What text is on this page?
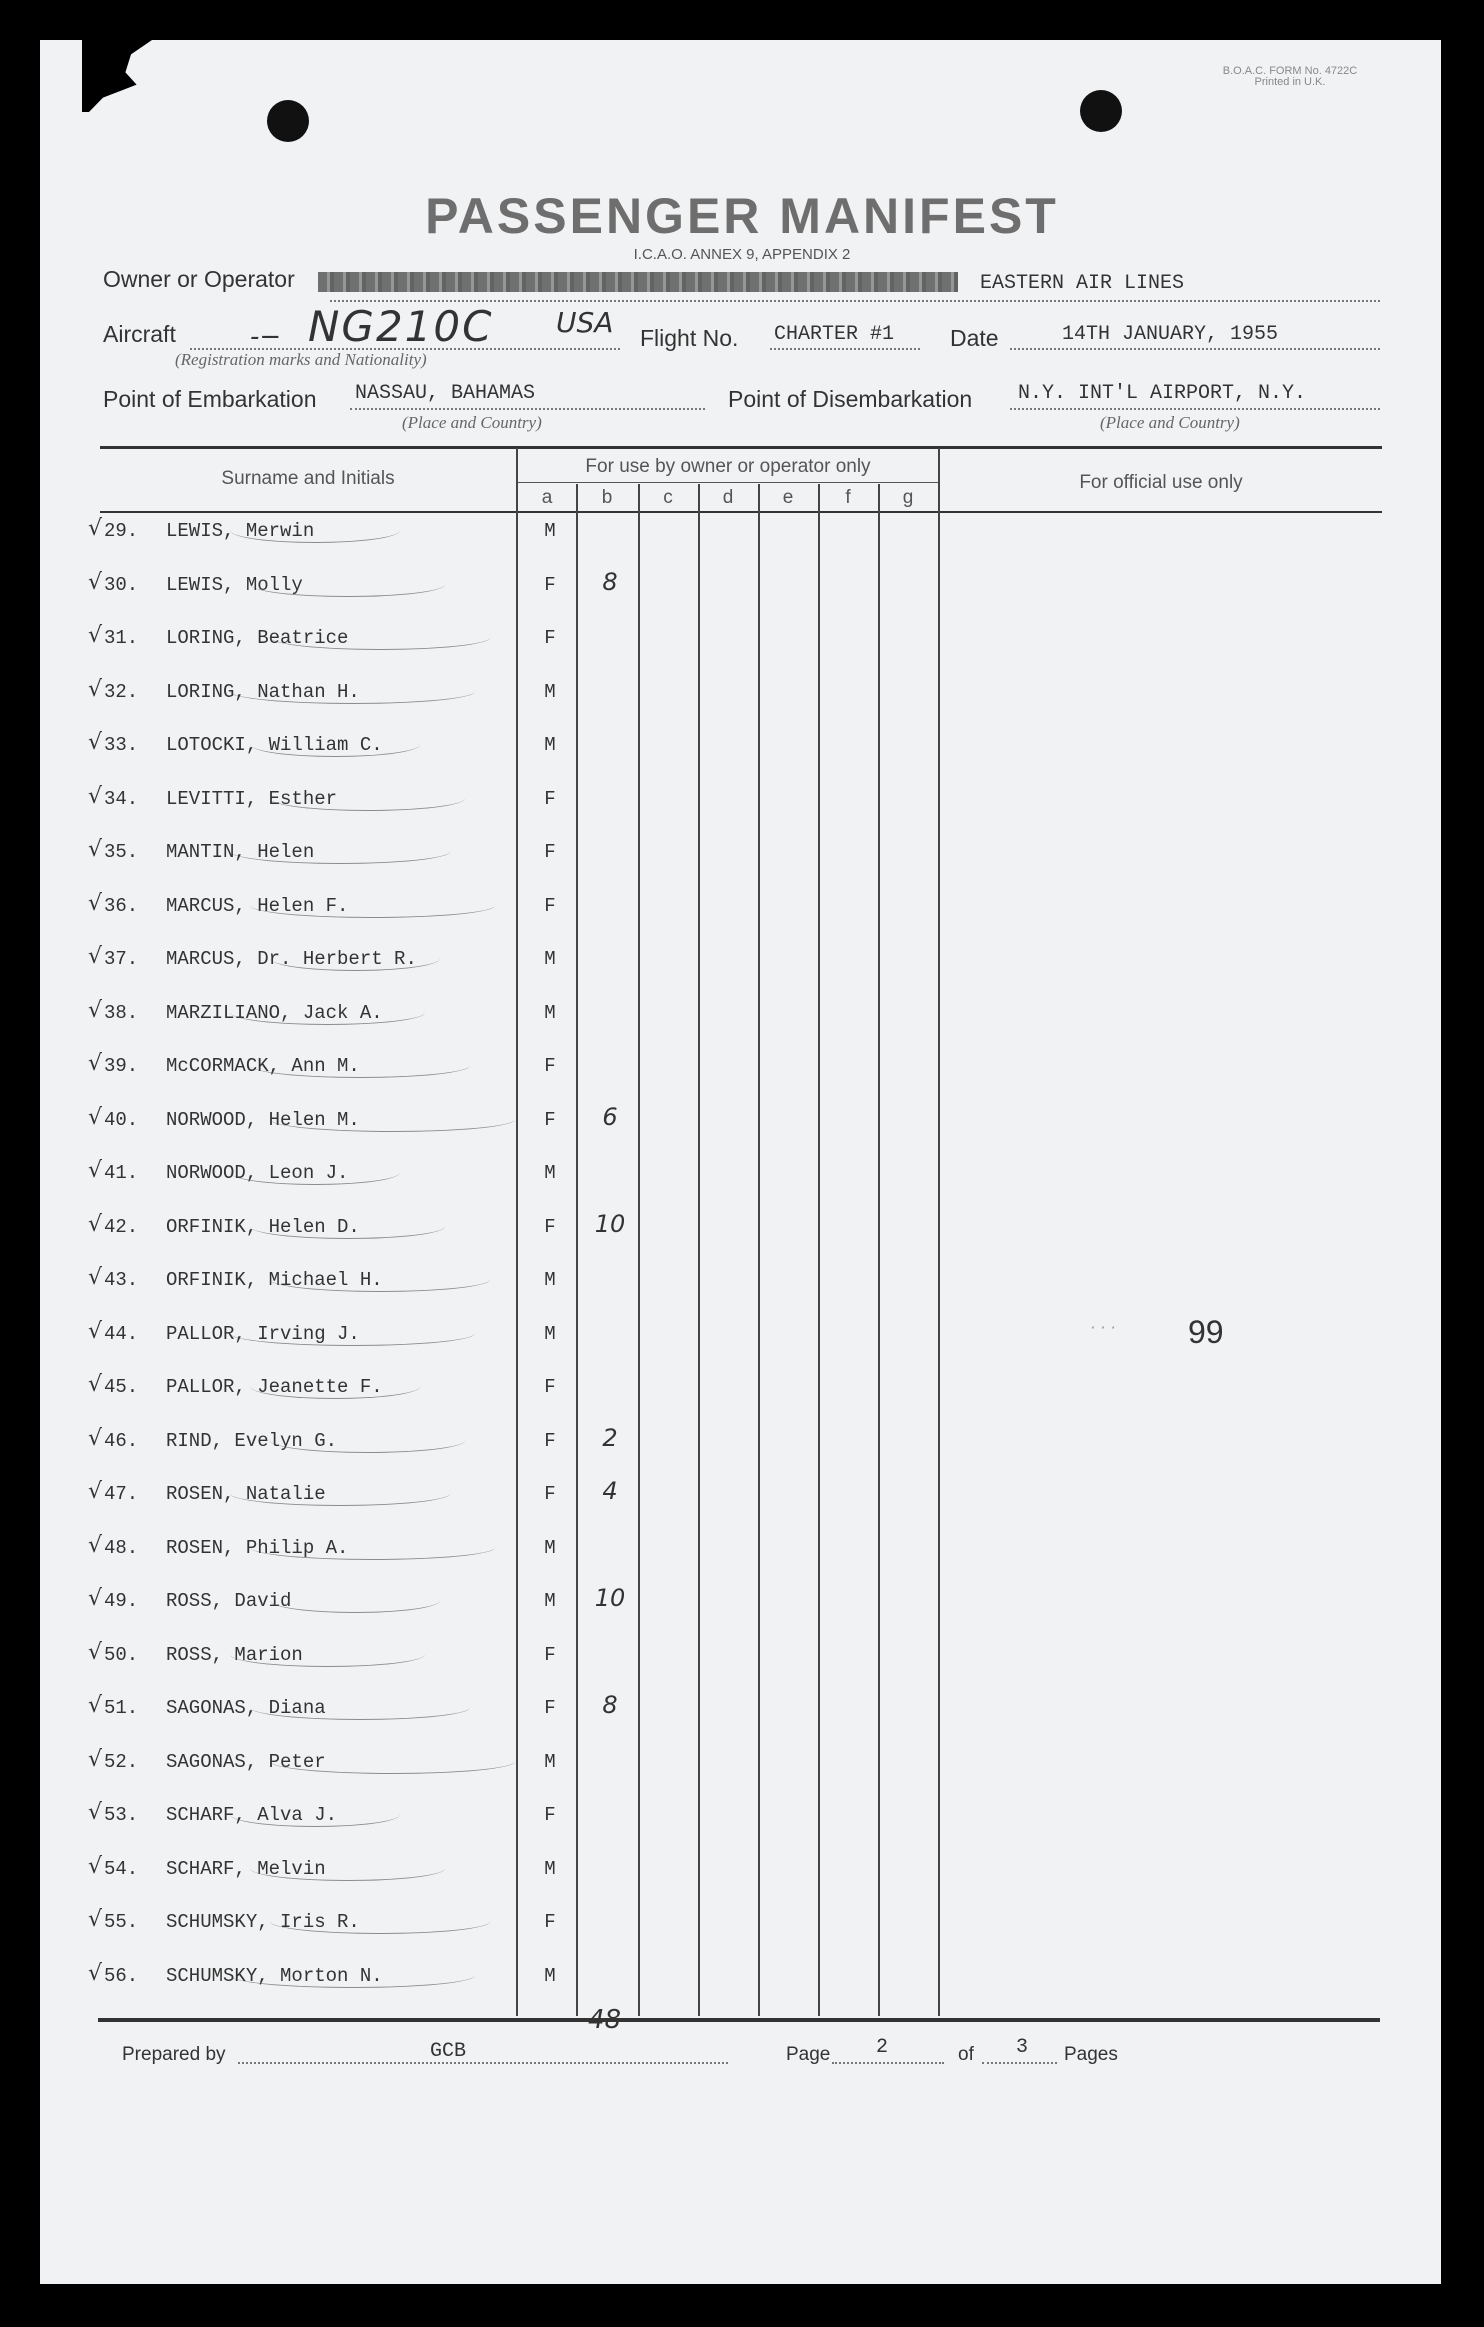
B.O.A.C. FORM No. 4722C
Printed in U.K.
PASSENGER MANIFEST
I.C.A.O. ANNEX 9, APPENDIX 2
Owner or Operator	EASTERN AIR LINES
Aircraft	-− NG210C USA
(Registration marks and Nationality)
Flight No. CHARTER #1 Date	14TH JANUARY, 1955
Point of Embarkation NASSAU, BAHAMAS
(Place and Country)
Point of Disembarkation N.Y. INT'L AIRPORT, N.Y.
(Place and Country)
Surname and Initials
For use by owner or operator only
For official use only
a	b	c	d	e	f	g
√ 29.	LEWIS, Merwin	M
√ 30.	LEWIS, Molly	F	8
√ 31.	LORING, Beatrice	F
√ 32.	LORING, Nathan H.	M
√ 33.	LOTOCKI, William C.	M
√ 34.	LEVITTI, Esther	F
√ 35.	MANTIN, Helen	F
√ 36.	MARCUS, Helen F.	F
√ 37.	MARCUS, Dr. Herbert R.	M
√ 38.	MARZILIANO, Jack A.	M
√ 39.	McCORMACK, Ann M.	F
√ 40.	NORWOOD, Helen M.	F	6
√ 41.	NORWOOD, Leon J.	M
√ 42.	ORFINIK, Helen D.	F 10
√ 43.	ORFINIK, Michael H.	M
√ 44.	PALLOR, Irving J.	M
√ 45.	PALLOR, Jeanette F.	F
√ 46.	RIND, Evelyn G.	F	2
√ 47.	ROSEN, Natalie	F	4
√ 48.	ROSEN, Philip A.	M
√ 49.	ROSS, David	M 10
√ 50.	ROSS, Marion	F
√ 51.	SAGONAS, Diana	F	8
√ 52.	SAGONAS, Peter	M
√ 53.	SCHARF, Alva J.	F
√ 54.	SCHARF, Melvin	M
√ 55.	SCHUMSKY, Iris R.	F
√ 56.	SCHUMSKY, Morton N.	M
48
· · · 99
Prepared by	GCB	Page 2	of 3 Pages
